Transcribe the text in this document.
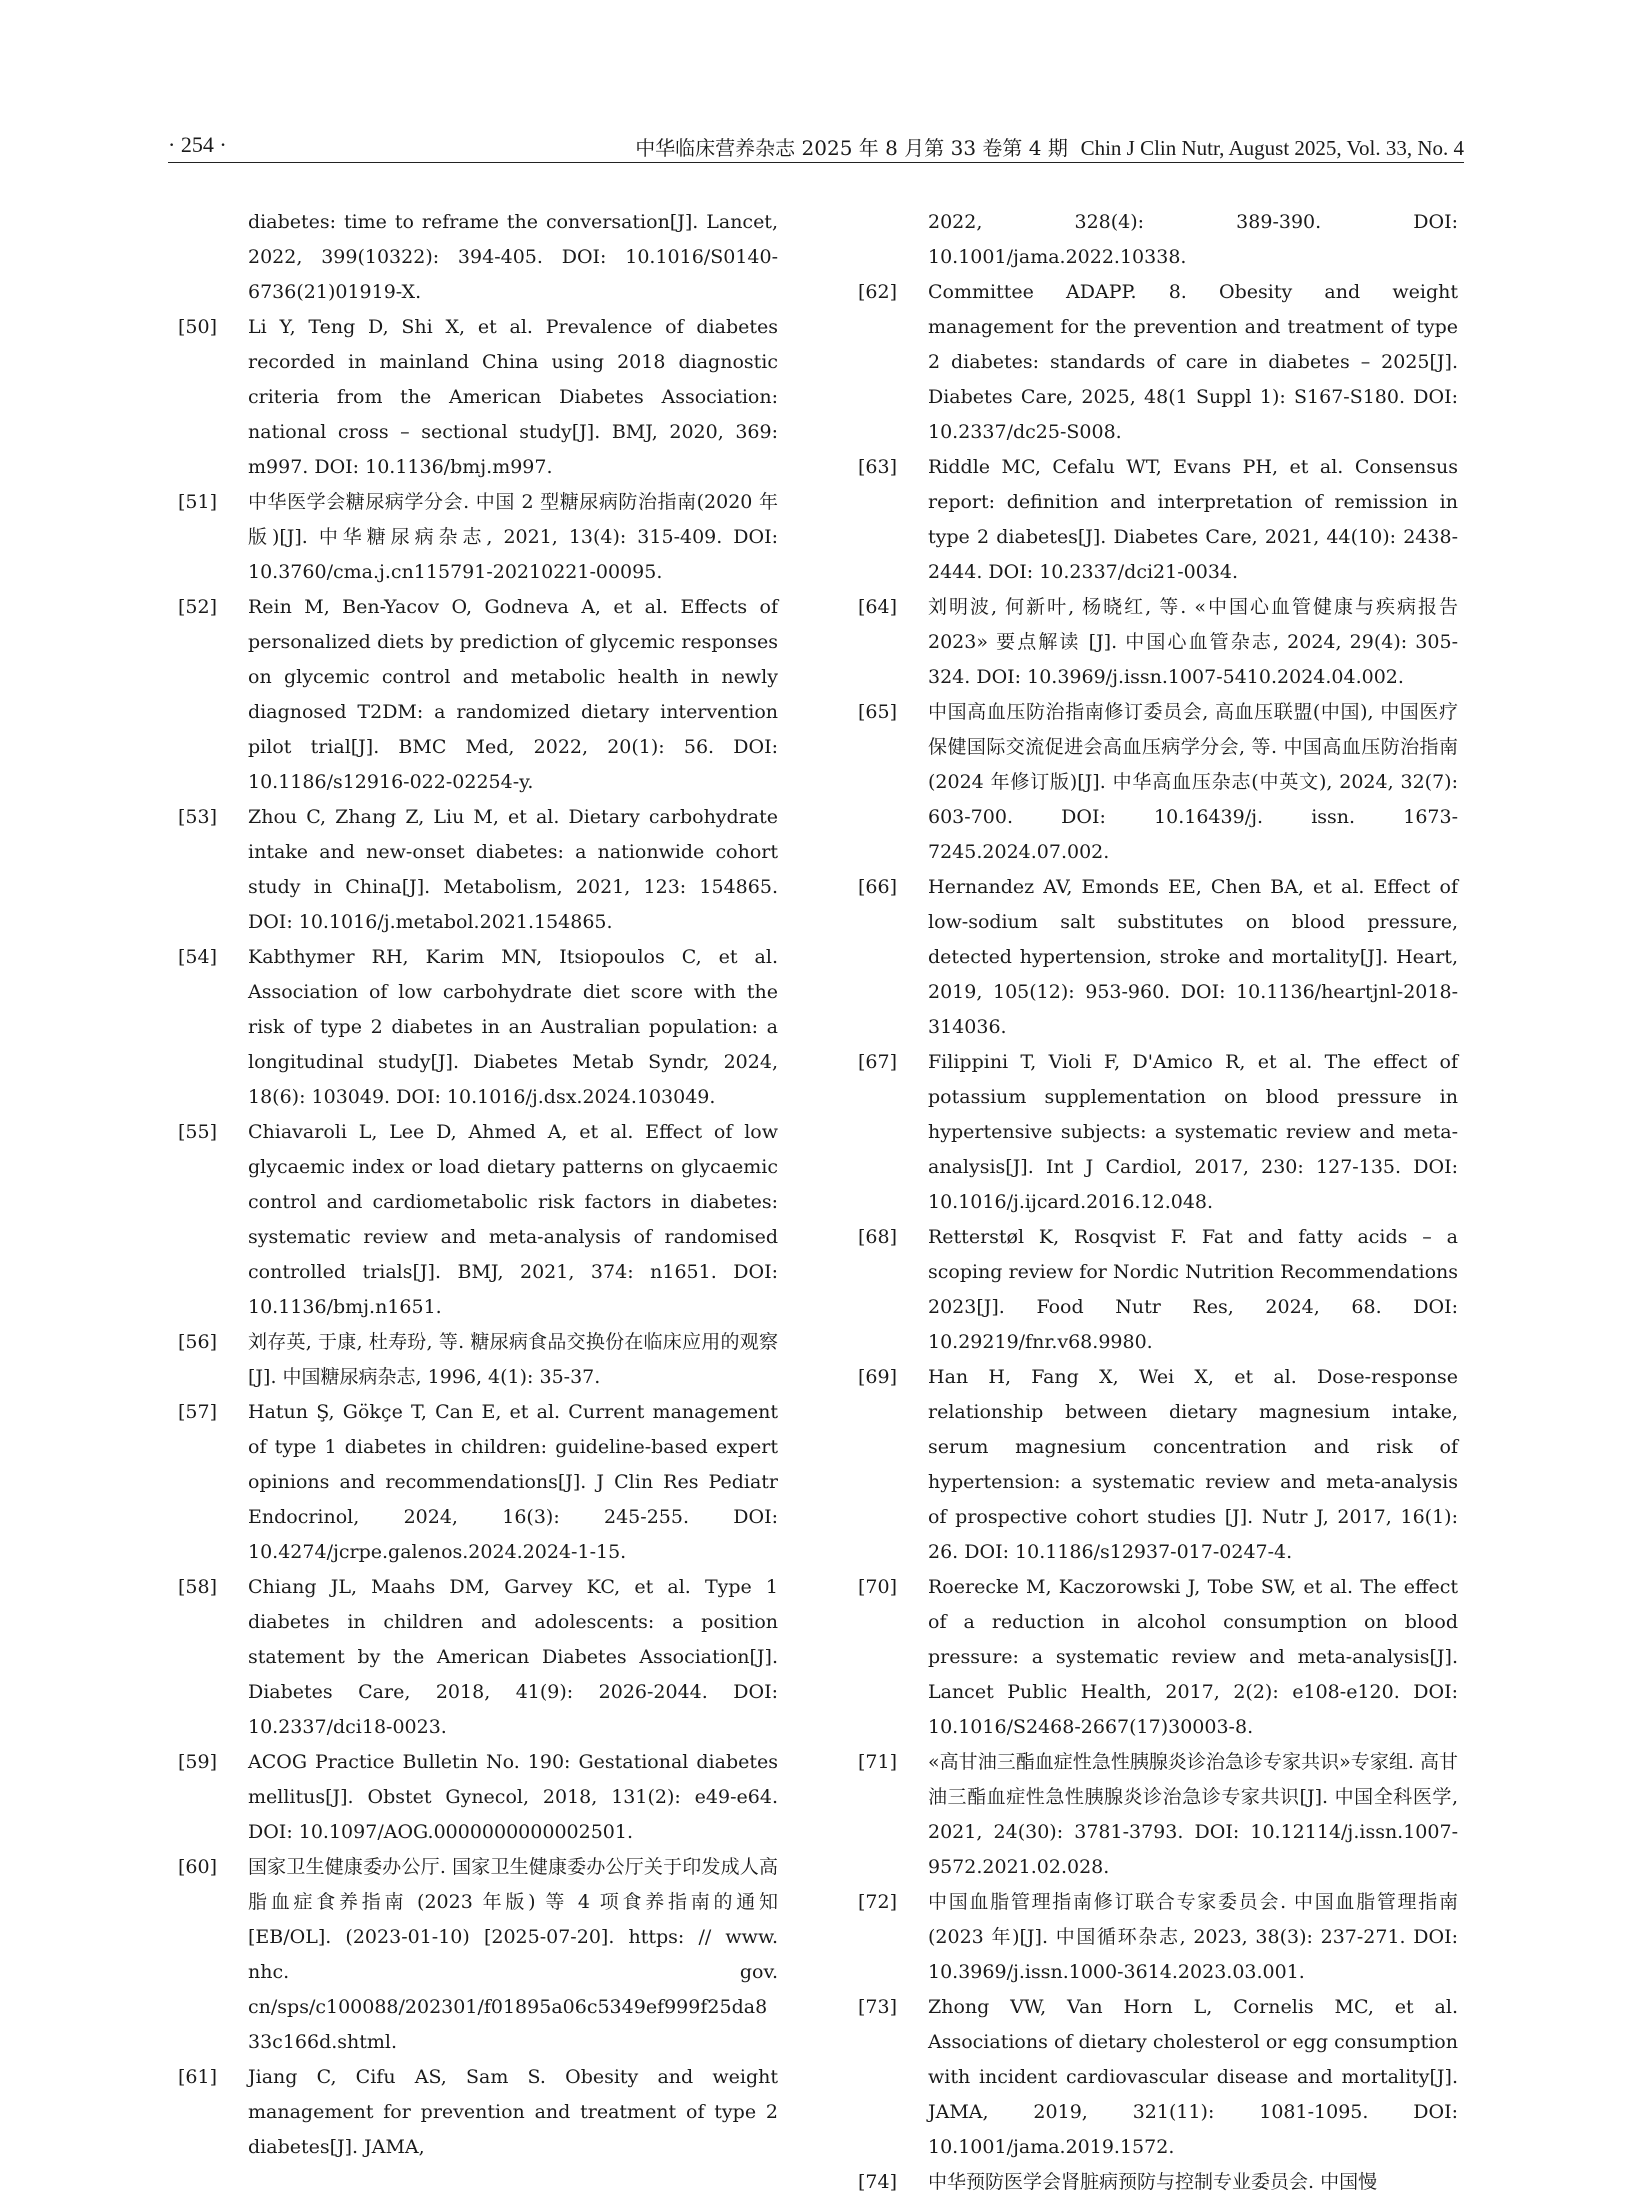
· 254 ·	中华临床营养杂志 2025 年 8 月第 33 卷第 4 期 Chin J Clin Nutr, August 2025, Vol. 33, No. 4
diabetes: time to reframe the conversation[J]. Lancet, 2022, 399(10322): 394-405. DOI: 10.1016/S0140-6736(21)01919-X.
[50]	Li Y, Teng D, Shi X, et al. Prevalence of diabetes recorded in mainland China using 2018 diagnostic criteria from the American Diabetes Association: national cross – sectional study[J]. BMJ, 2020, 369: m997. DOI: 10.1136/bmj.m997.
[51]	中华医学会糖尿病学分会. 中国 2 型糖尿病防治指南(2020 年版)[J]. 中华糖尿病杂志, 2021, 13(4): 315-409. DOI: 10.3760/cma.j.cn115791-20210221-00095.
[52]	Rein M, Ben-Yacov O, Godneva A, et al. Effects of personalized diets by prediction of glycemic responses on glycemic control and metabolic health in newly diagnosed T2DM: a randomized dietary intervention pilot trial[J]. BMC Med, 2022, 20(1): 56. DOI: 10.1186/s12916-022-02254-y.
[53]	Zhou C, Zhang Z, Liu M, et al. Dietary carbohydrate intake and new-onset diabetes: a nationwide cohort study in China[J]. Metabolism, 2021, 123: 154865. DOI: 10.1016/j.metabol.2021.154865.
[54]	Kabthymer RH, Karim MN, Itsiopoulos C, et al. Association of low carbohydrate diet score with the risk of type 2 diabetes in an Australian population: a longitudinal study[J]. Diabetes Metab Syndr, 2024, 18(6): 103049. DOI: 10.1016/j.dsx.2024.103049.
[55]	Chiavaroli L, Lee D, Ahmed A, et al. Effect of low glycaemic index or load dietary patterns on glycaemic control and cardiometabolic risk factors in diabetes: systematic review and meta-analysis of randomised controlled trials[J]. BMJ, 2021, 374: n1651. DOI: 10.1136/bmj.n1651.
[56]	刘存英, 于康, 杜寿玢, 等. 糖尿病食品交换份在临床应用的观察[J]. 中国糖尿病杂志, 1996, 4(1): 35-37.
[57]	Hatun Ş, Gökçe T, Can E, et al. Current management of type 1 diabetes in children: guideline-based expert opinions and recommendations[J]. J Clin Res Pediatr Endocrinol, 2024, 16(3): 245-255. DOI: 10.4274/jcrpe.galenos.2024.2024-1-15.
[58]	Chiang JL, Maahs DM, Garvey KC, et al. Type 1 diabetes in children and adolescents: a position statement by the American Diabetes Association[J]. Diabetes Care, 2018, 41(9): 2026-2044. DOI: 10.2337/dci18-0023.
[59]	ACOG Practice Bulletin No. 190: Gestational diabetes mellitus[J]. Obstet Gynecol, 2018, 131(2): e49-e64. DOI: 10.1097/AOG.0000000000002501.
[60]	国家卫生健康委办公厅. 国家卫生健康委办公厅关于印发成人高脂血症食养指南 (2023 年版) 等 4 项食养指南的通知 [EB/OL]. (2023-01-10) [2025-07-20]. https: // www. nhc. gov. cn/sps/c100088/202301/f01895a06c5349ef999f25da833c166d.shtml.
[61]	Jiang C, Cifu AS, Sam S. Obesity and weight management for prevention and treatment of type 2 diabetes[J]. JAMA,
2022, 328(4): 389-390. DOI: 10.1001/jama.2022.10338.
[62]	Committee ADAPP. 8. Obesity and weight management for the prevention and treatment of type 2 diabetes: standards of care in diabetes – 2025[J]. Diabetes Care, 2025, 48(1 Suppl 1): S167-S180. DOI: 10.2337/dc25-S008.
[63]	Riddle MC, Cefalu WT, Evans PH, et al. Consensus report: definition and interpretation of remission in type 2 diabetes[J]. Diabetes Care, 2021, 44(10): 2438-2444. DOI: 10.2337/dci21-0034.
[64]	刘明波, 何新叶, 杨晓红, 等. «中国心血管健康与疾病报告 2023» 要点解读 [J]. 中国心血管杂志, 2024, 29(4): 305-324. DOI: 10.3969/j.issn.1007-5410.2024.04.002.
[65]	中国高血压防治指南修订委员会, 高血压联盟(中国), 中国医疗保健国际交流促进会高血压病学分会, 等. 中国高血压防治指南(2024 年修订版)[J]. 中华高血压杂志(中英文), 2024, 32(7): 603-700. DOI: 10.16439/j. issn. 1673-7245.2024.07.002.
[66]	Hernandez AV, Emonds EE, Chen BA, et al. Effect of low-sodium salt substitutes on blood pressure, detected hypertension, stroke and mortality[J]. Heart, 2019, 105(12): 953-960. DOI: 10.1136/heartjnl-2018-314036.
[67]	Filippini T, Violi F, D'Amico R, et al. The effect of potassium supplementation on blood pressure in hypertensive subjects: a systematic review and meta-analysis[J]. Int J Cardiol, 2017, 230: 127-135. DOI: 10.1016/j.ijcard.2016.12.048.
[68]	Retterstøl K, Rosqvist F. Fat and fatty acids – a scoping review for Nordic Nutrition Recommendations 2023[J]. Food Nutr Res, 2024, 68. DOI: 10.29219/fnr.v68.9980.
[69]	Han H, Fang X, Wei X, et al. Dose-response relationship between dietary magnesium intake, serum magnesium concentration and risk of hypertension: a systematic review and meta-analysis of prospective cohort studies [J]. Nutr J, 2017, 16(1): 26. DOI: 10.1186/s12937-017-0247-4.
[70]	Roerecke M, Kaczorowski J, Tobe SW, et al. The effect of a reduction in alcohol consumption on blood pressure: a systematic review and meta-analysis[J]. Lancet Public Health, 2017, 2(2): e108-e120. DOI: 10.1016/S2468-2667(17)30003-8.
[71]	«高甘油三酯血症性急性胰腺炎诊治急诊专家共识»专家组. 高甘油三酯血症性急性胰腺炎诊治急诊专家共识[J]. 中国全科医学, 2021, 24(30): 3781-3793. DOI: 10.12114/j.issn.1007-9572.2021.02.028.
[72]	中国血脂管理指南修订联合专家委员会. 中国血脂管理指南(2023 年)[J]. 中国循环杂志, 2023, 38(3): 237-271. DOI: 10.3969/j.issn.1000-3614.2023.03.001.
[73]	Zhong VW, Van Horn L, Cornelis MC, et al. Associations of dietary cholesterol or egg consumption with incident cardiovascular disease and mortality[J]. JAMA, 2019, 321(11): 1081-1095. DOI: 10.1001/jama.2019.1572.
[74]	中华预防医学会肾脏病预防与控制专业委员会. 中国慢
